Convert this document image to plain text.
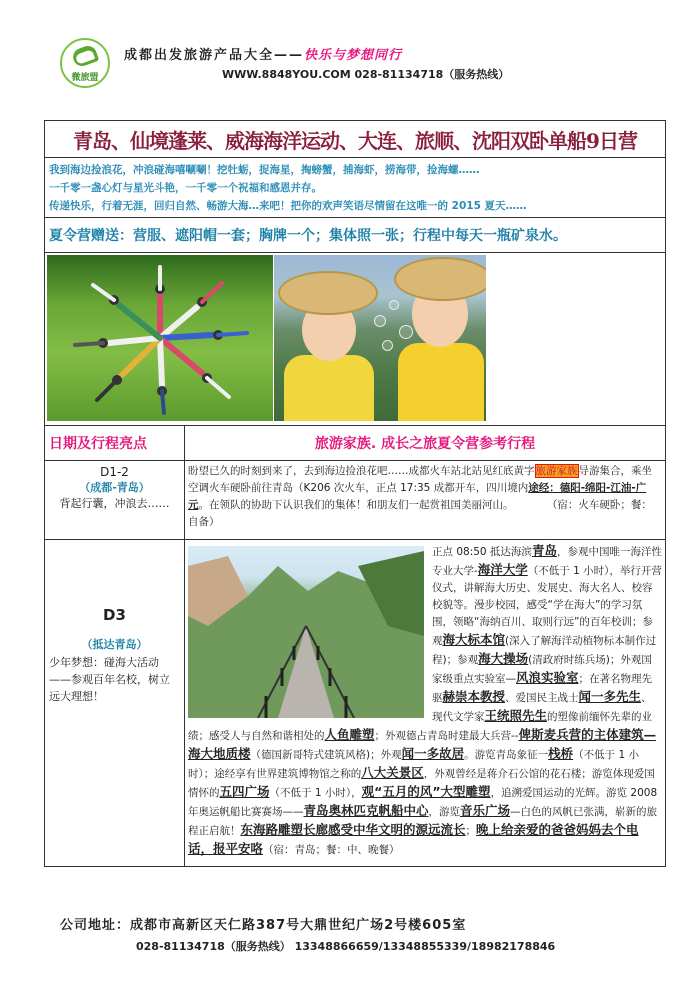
微旅盟
成都出发旅游产品大全——快乐与梦想同行
WWW.8848YOU.COM 028-81134718（服务热线）
青岛、仙境蓬莱、威海海洋运动、大连、旅顺、沈阳双卧单船9日营
我到海边捡浪花，冲浪碰海嘻唰唰！挖牡蛎，捉海星，掏螃蟹，捕海虾，捞海带，捡海螺……
一千零一盏心灯与星光斗艳，一千零一个祝福和感恩并存。
传递快乐，行着无涯，回归自然、畅游大海…来吧！把你的欢声笑语尽情留在这唯一的 2015 夏天……
夏令营赠送：营服、遮阳帽一套；胸牌一个；集体照一张；行程中每天一瓶矿泉水。
日期及行程亮点	旅游家族. 成长之旅夏令营参考行程
D1-2
（成都-青岛）
背起行囊，冲浪去……
盼望已久的时刻到来了，去到海边捡浪花吧……成都火车站北站见红底黄字旅游家族导游集合，乘坐空调火车硬卧前往青岛（K206 次火车，正点 17:35 成都开车，四川境内途经：德阳-绵阳-江油-广元。在领队的协助下认识我们的集体！和朋友们一起赏祖国美丽河山。	（宿：火车硬卧；餐：自备）
D3
（抵达青岛）
少年梦想：碰海大活动——参观百年名校，树立远大理想！
正点 08:50 抵达海滨青岛，参观中国唯一海洋性专业大学-海洋大学（不低于 1 小时），举行开营仪式，讲解海大历史、发展史、海大名人、校容校貌等。漫步校园，感受“学在海大”的学习氛围，领略“海纳百川、取则行远”的百年校训；参观海大标本馆(深入了解海洋动植物标本制作过程)；参观海大操场(清政府时练兵场)；外观国家级重点实验室—风浪实验室；在著名物理先驱赫崇本教授、爱国民主战士闻一多先生、现代文学家王统照先生的塑像前缅怀先辈的业绩；感受人与自然和谐相处的人鱼雕塑；外观德占青岛时建最大兵营--俾斯麦兵营的主体建筑—海大地质楼（德国新哥特式建筑风格)；外观闻一多故居。游览青岛象征一栈桥（不低于 1 小时）；途经享有世界建筑博物馆之称的八大关景区，外观曾经是蒋介石公馆的花石楼；游览体现爱国情怀的五四广场（不低于 1 小时），观“五月的风”大型雕塑，追溯爱国运动的光辉。游览 2008 年奥运帆船比赛赛场——青岛奥林匹克帆船中心，游览音乐广场—白色的风帆已张满，崭新的旅程正启航！东海路雕塑长廊感受中华文明的源远流长；晚上给亲爱的爸爸妈妈去个电话，报平安咯（宿：青岛；餐：中、晚餐）
公司地址：成都市高新区天仁路387号大鼎世纪广场2号楼605室
028-81134718（服务热线） 13348866659/13348855339/18982178846
